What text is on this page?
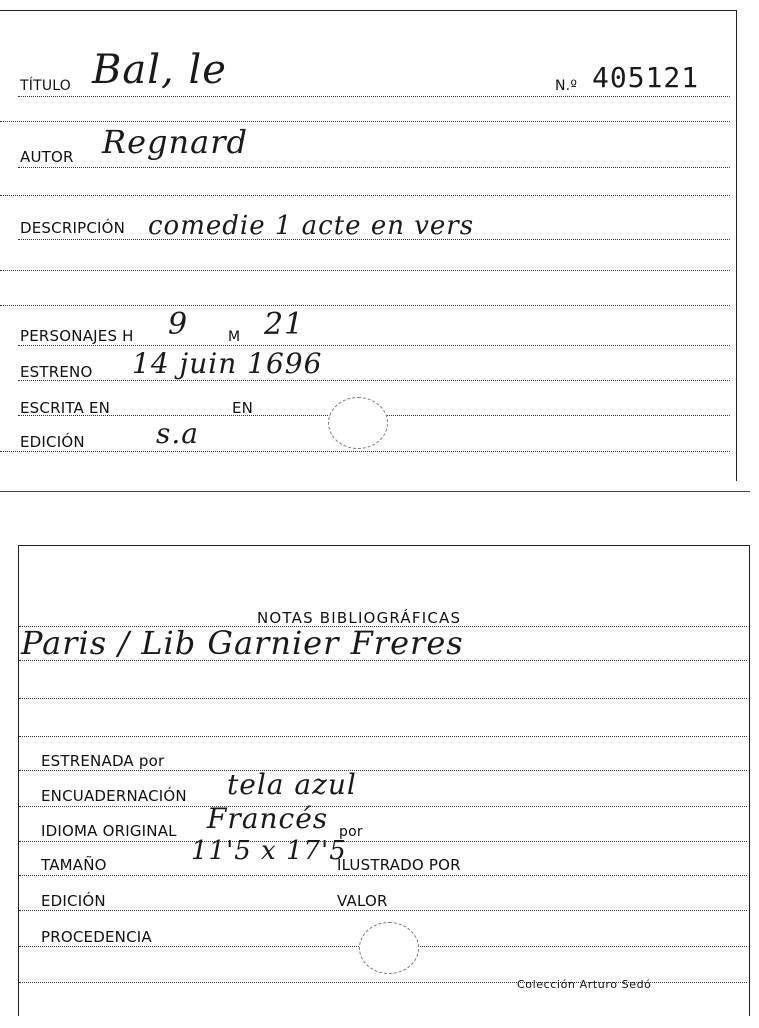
TÍTULO Bal, le	N.º 405121
AUTOR Regnard
DESCRIPCIÓN comedie 1 acte en vers
PERSONAJES H 9	M 21
ESTRENO 14 juin 1696
ESCRITA EN	EN
EDICIÓN	s.a
NOTAS BIBLIOGRÁFICAS
Paris / Lib Garnier Freres
ESTRENADA por
ENCUADERNACIÓN tela azul
IDIOMA ORIGINAL Francés por
TAMAÑO	11'5 x 17'5
ILUSTRADO POR
EDICIÓN	VALOR
PROCEDENCIA
Colección Arturo Sedó
